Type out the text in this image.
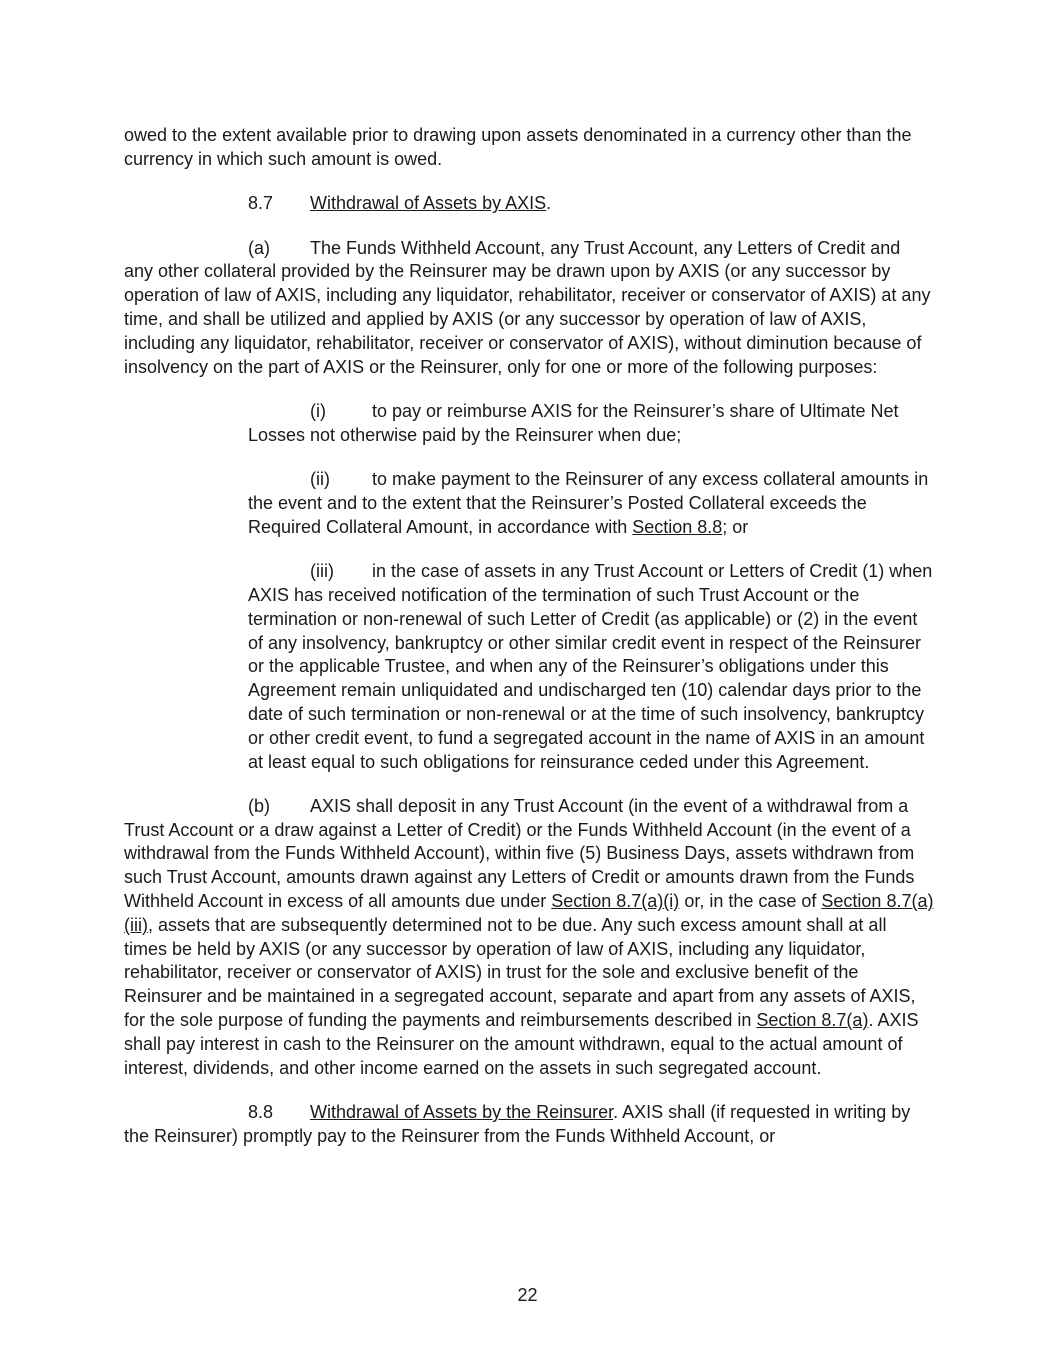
owed to the extent available prior to drawing upon assets denominated in a currency other than the currency in which such amount is owed.

8.7 Withdrawal of Assets by AXIS.

(a) The Funds Withheld Account, any Trust Account, any Letters of Credit and any other collateral provided by the Reinsurer may be drawn upon by AXIS (or any successor by operation of law of AXIS, including any liquidator, rehabilitator, receiver or conservator of AXIS) at any time, and shall be utilized and applied by AXIS (or any successor by operation of law of AXIS, including any liquidator, rehabilitator, receiver or conservator of AXIS), without diminution because of insolvency on the part of AXIS or the Reinsurer, only for one or more of the following purposes:

(i)	to pay or reimburse AXIS for the Reinsurer’s share of Ultimate Net Losses not otherwise paid by the Reinsurer when due;

(ii) to make payment to the Reinsurer of any excess collateral amounts in the event and to the extent that the Reinsurer’s Posted Collateral exceeds the Required Collateral Amount, in accordance with Section 8.8; or

(iii) in the case of assets in any Trust Account or Letters of Credit (1) when AXIS has received notification of the termination of such Trust Account or the termination or non-renewal of such Letter of Credit (as applicable) or (2) in the event of any insolvency, bankruptcy or other similar credit event in respect of the Reinsurer or the applicable Trustee, and when any of the Reinsurer’s obligations under this Agreement remain unliquidated and undischarged ten (10) calendar days prior to the date of such termination or non-renewal or at the time of such insolvency, bankruptcy or other credit event, to fund a segregated account in the name of AXIS in an amount at least equal to such obligations for reinsurance ceded under this Agreement.

(b) AXIS shall deposit in any Trust Account (in the event of a withdrawal from a Trust Account or a draw against a Letter of Credit) or the Funds Withheld Account (in the event of a withdrawal from the Funds Withheld Account), within five (5) Business Days, assets withdrawn from such Trust Account, amounts drawn against any Letters of Credit or amounts drawn from the Funds Withheld Account in excess of all amounts due under Section 8.7(a)(i) or, in the case of Section 8.7(a)(iii), assets that are subsequently determined not to be due. Any such excess amount shall at all times be held by AXIS (or any successor by operation of law of AXIS, including any liquidator, rehabilitator, receiver or conservator of AXIS) in trust for the sole and exclusive benefit of the Reinsurer and be maintained in a segregated account, separate and apart from any assets of AXIS, for the sole purpose of funding the payments and reimbursements described in Section 8.7(a). AXIS shall pay interest in cash to the Reinsurer on the amount withdrawn, equal to the actual amount of interest, dividends, and other income earned on the assets in such segregated account.

8.8 Withdrawal of Assets by the Reinsurer. AXIS shall (if requested in writing by the Reinsurer) promptly pay to the Reinsurer from the Funds Withheld Account, or

22
